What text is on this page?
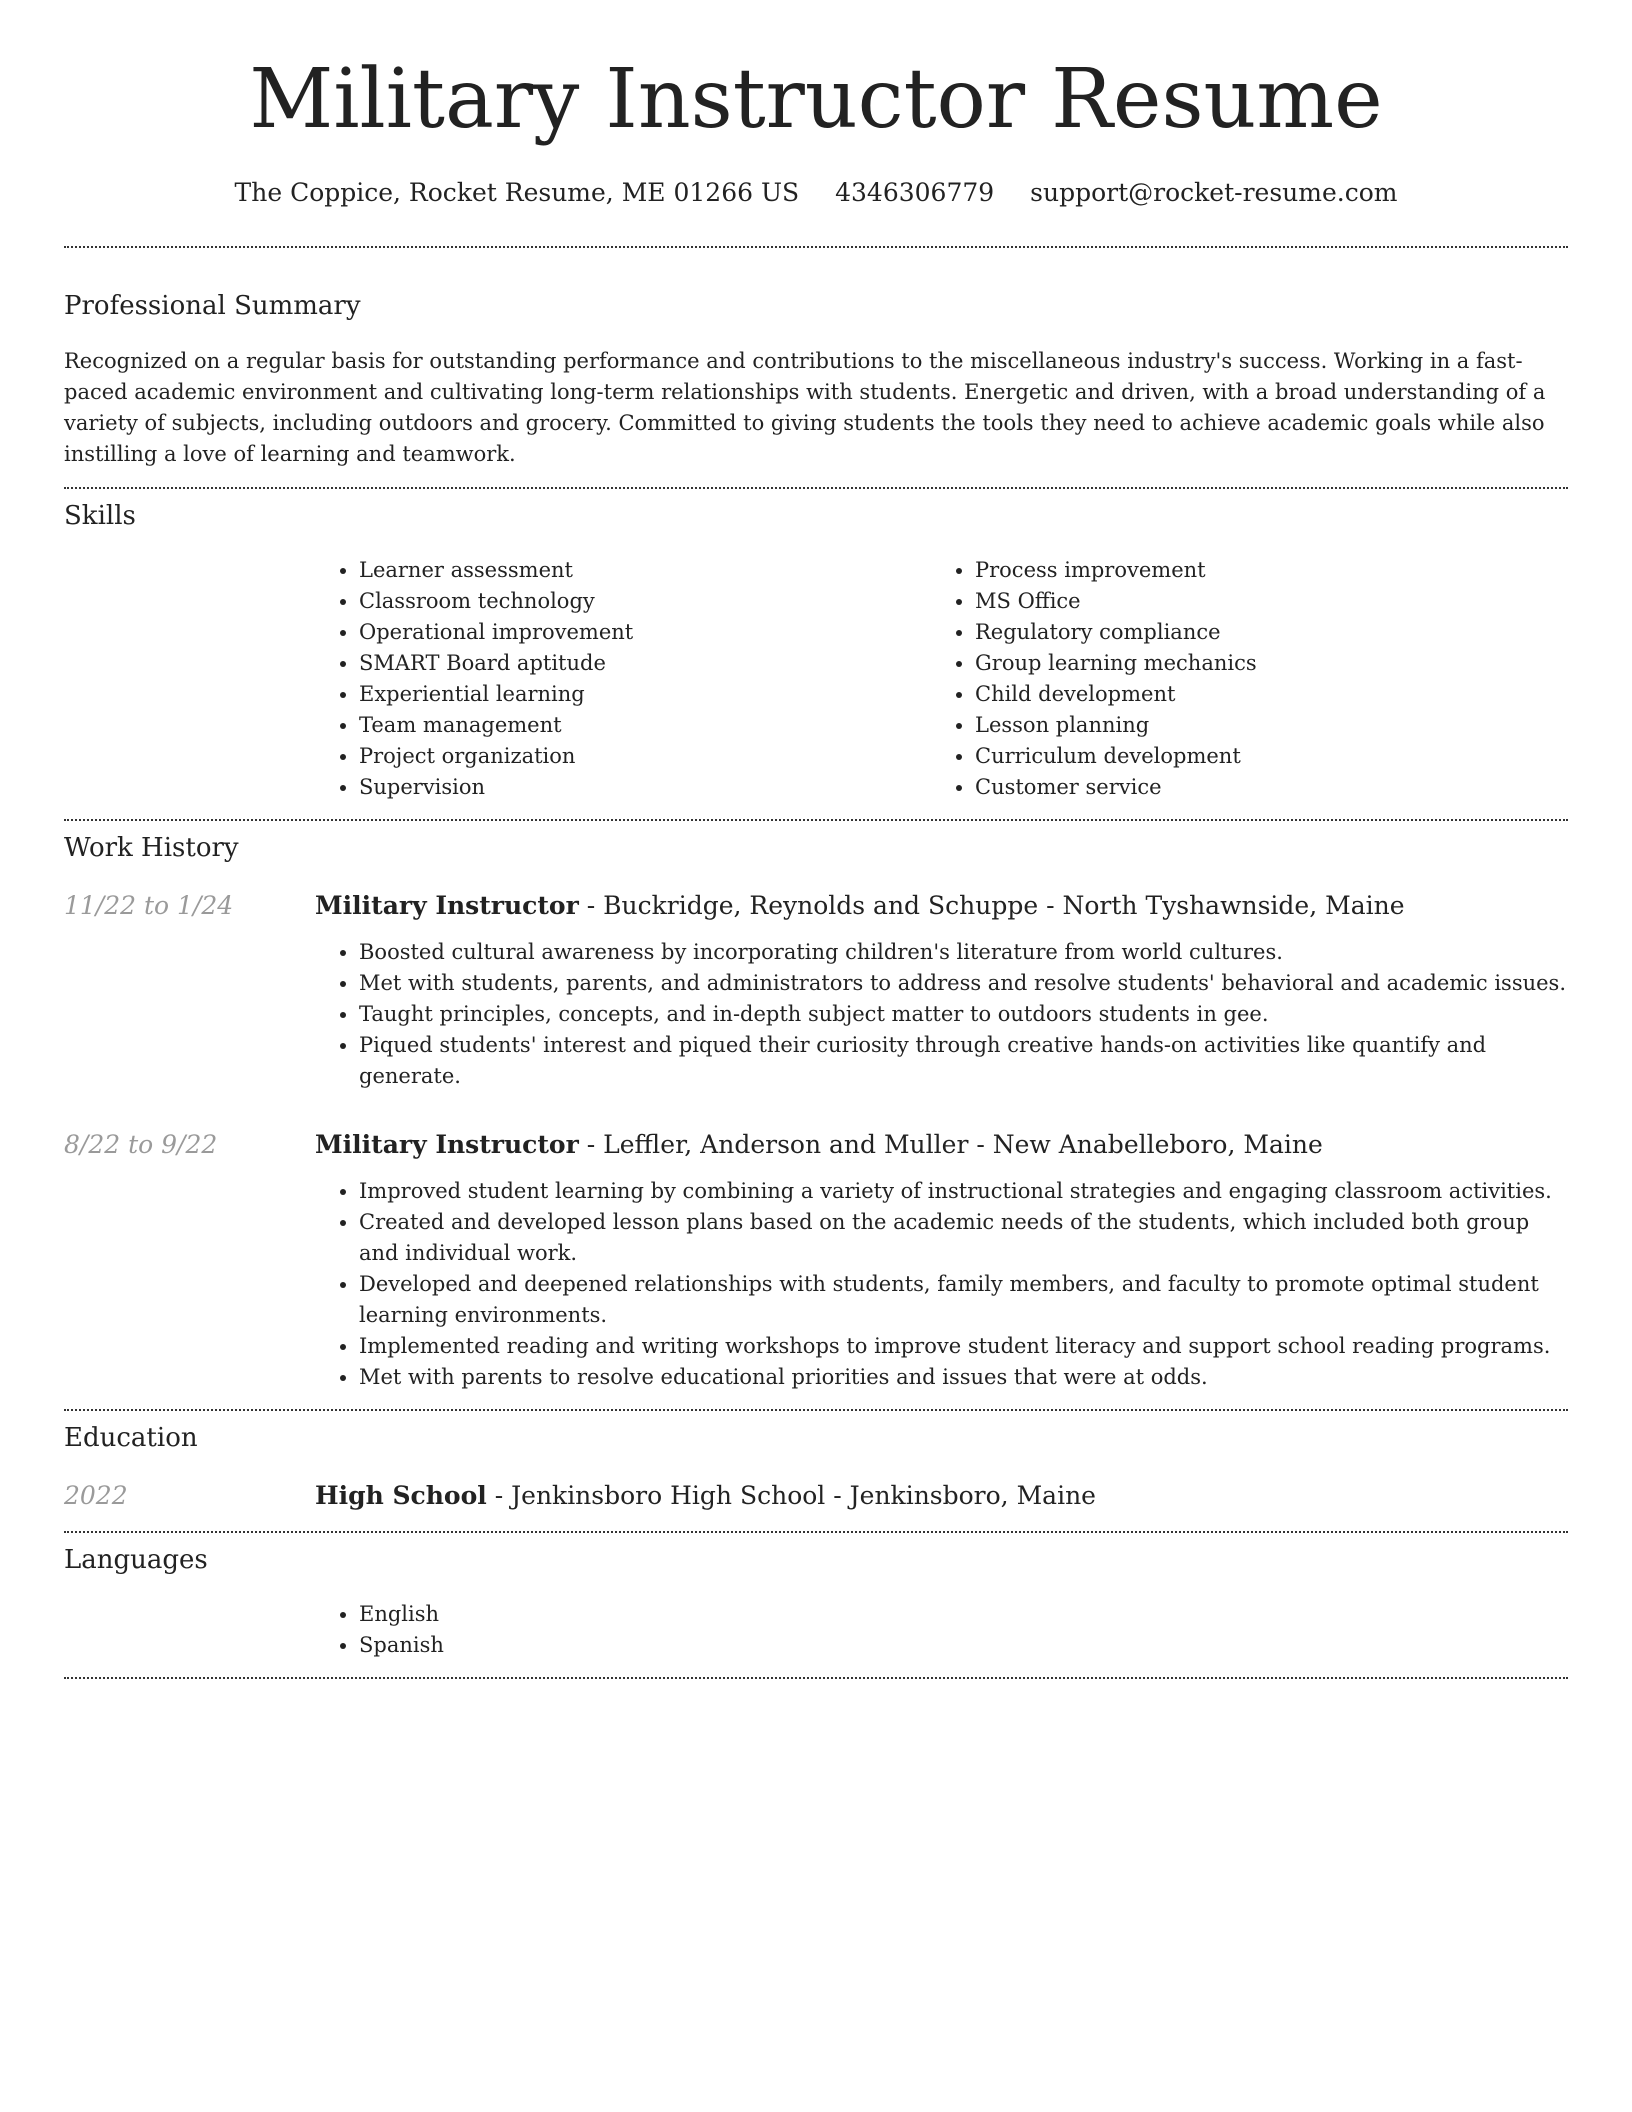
Military Instructor Resume
The Coppice, Rocket Resume, ME 01266 US 4346306779 support@rocket-resume.com
Professional Summary

Recognized on a regular basis for outstanding performance and contributions to the miscellaneous industry's success. Working in a fast-paced academic environment and cultivating long-term relationships with students. Energetic and driven, with a broad understanding of a variety of subjects, including outdoors and grocery. Committed to giving students the tools they need to achieve academic goals while also instilling a love of learning and teamwork.

Skills
• Learner assessment
• Classroom technology
• Operational improvement
• SMART Board aptitude
• Experiential learning
• Team management
• Project organization
• Supervision
• Process improvement
• MS Office
• Regulatory compliance
• Group learning mechanics
• Child development
• Lesson planning
• Curriculum development
• Customer service
Work History
11/22 to 1/24	Military Instructor - Buckridge, Reynolds and Schuppe - North Tyshawnside, Maine

• Boosted cultural awareness by incorporating children's literature from world cultures.
• Met with students, parents, and administrators to address and resolve students' behavioral and academic issues.
• Taught principles, concepts, and in-depth subject matter to outdoors students in gee.
• Piqued students' interest and piqued their curiosity through creative hands-on activities like quantify and generate.
8/22 to 9/22	Military Instructor - Leffler, Anderson and Muller - New Anabelleboro, Maine

• Improved student learning by combining a variety of instructional strategies and engaging classroom activities.
• Created and developed lesson plans based on the academic needs of the students, which included both group and individual work.
• Developed and deepened relationships with students, family members, and faculty to promote optimal student learning environments.
• Implemented reading and writing workshops to improve student literacy and support school reading programs.
• Met with parents to resolve educational priorities and issues that were at odds.
Education
2022	High School - Jenkinsboro High School - Jenkinsboro, Maine

Languages
• English
• Spanish
